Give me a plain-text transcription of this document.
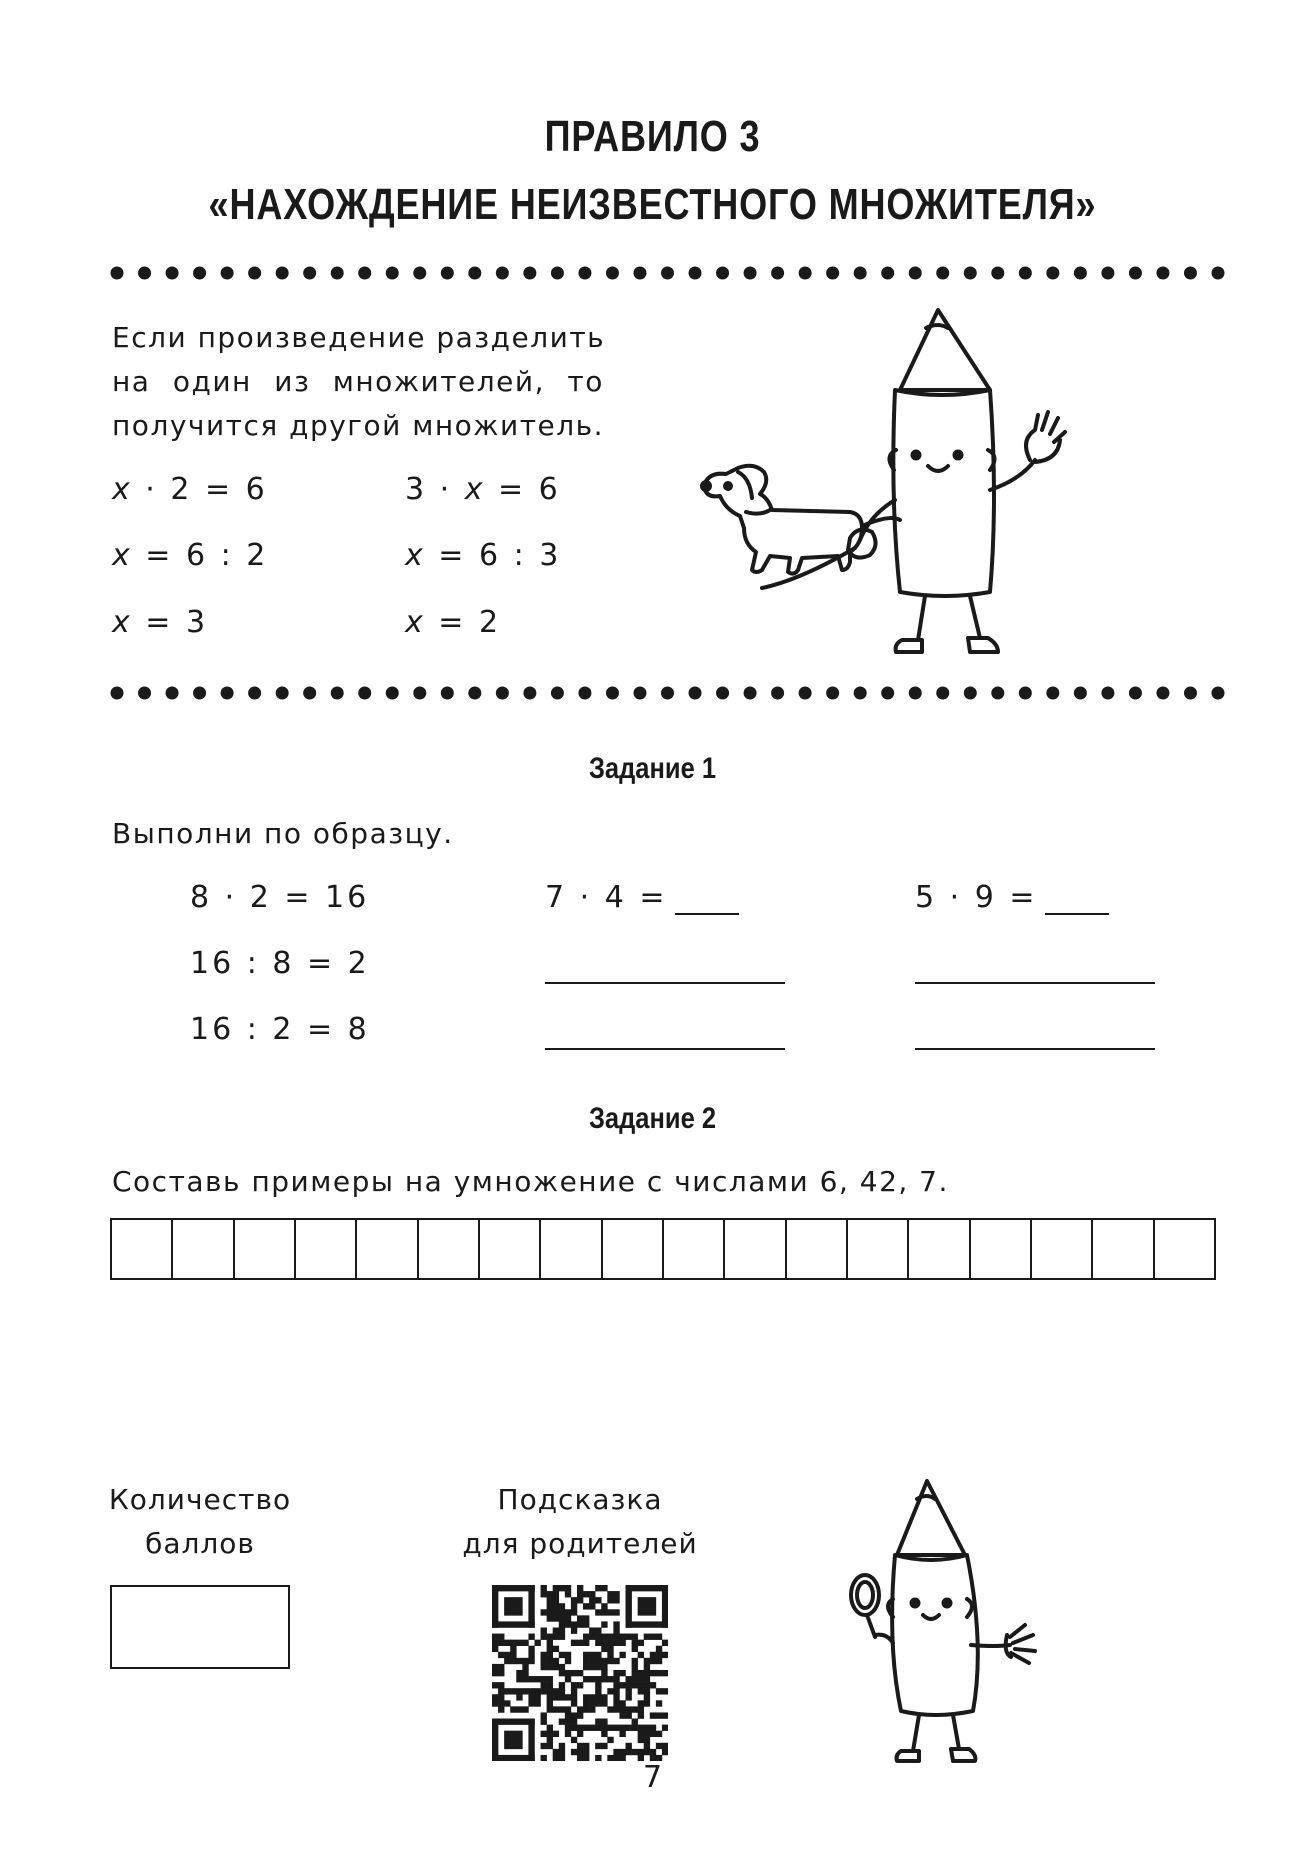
ПРАВИЛО 3
«НАХОЖДЕНИЕ НЕИЗВЕСТНОГО МНОЖИТЕЛЯ»
Если произведение разделить
на один из множителей, то
получится другой множитель.
x · 2 = 6
x = 6 : 2
x = 3
3 · x = 6
x = 6 : 3
x = 2
Задание 1
Выполни по образцу.
8 · 2 = 16
16 : 8 = 2
16 : 2 = 8
7 · 4 =	5 · 9 =
Задание 2
Составь примеры на умножение с числами 6, 42, 7.
Количество
баллов
Подсказка
для родителей
7
